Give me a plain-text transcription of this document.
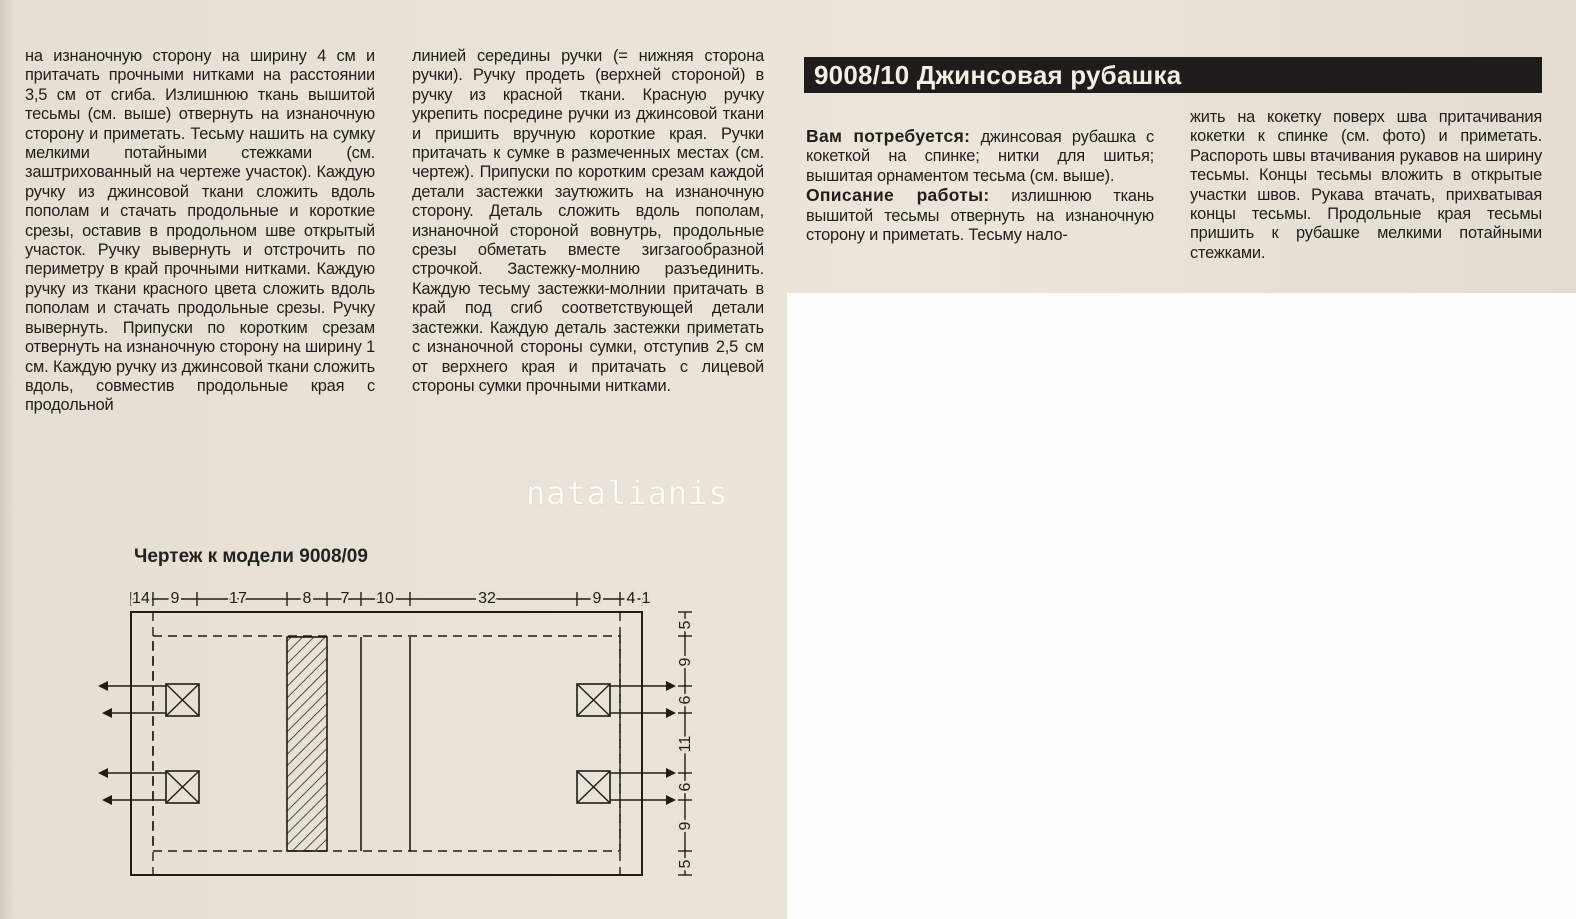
на изнаночную сторону на ширину 4 см и притачать прочными нитками на расстоянии 3,5 см от сгиба. Излишнюю ткань вышитой тесьмы (см. выше) отвернуть на изнаночную сторону и приметать. Тесьму нашить на сумку мелкими потайными стежками (см. заштрихованный на чертеже участок). Каждую ручку из джинсовой ткани сложить вдоль пополам и стачать продольные и короткие срезы, оставив в продольном шве открытый участок. Ручку вывернуть и отстрочить по периметру в край прочными нитками. Каждую ручку из ткани красного цвета сложить вдоль пополам и стачать продольные срезы. Ручку вывернуть. Припуски по коротким срезам отвернуть на изнаночную сторону на ширину 1 см. Каждую ручку из джинсовой ткани сложить вдоль, совместив продольные края с продольной

линией середины ручки (= нижняя сторона ручки). Ручку продеть (верхней стороной) в ручку из красной ткани. Красную ручку укрепить посредине ручки из джинсовой ткани и пришить вручную короткие края. Ручки притачать к сумке в размеченных местах (см. чертеж). Припуски по коротким срезам каждой детали застежки заутюжить на изнаночную сторону. Деталь сложить вдоль пополам, изнаночной стороной вовнутрь, продольные срезы обметать вместе зигзагообразной строчкой. Застежку-молнию разъединить. Каждую тесьму застежки-молнии притачать в край под сгиб соответствующей детали застежки. Каждую деталь застежки приметать с изнаночной стороны сумки, отступив 2,5 см от верхнего края и притачать с лицевой стороны сумки прочными нитками.

9008/10 Джинсовая рубашка

Вам потребуется: джинсовая рубашка с кокеткой на спинке; нитки для шитья; вышитая орнаментом тесьма (см. выше).

Описание работы: излишнюю ткань вышитой тесьмы отвернуть на изнаночную сторону и приметать. Тесьму нало-

жить на кокетку поверх шва притачивания кокетки к спинке (см. фото) и приметать. Распороть швы втачивания рукавов на ширину тесьмы. Концы тесьмы вложить в открытые участки швов. Рукава втачать, прихватывая концы тесьмы. Продольные края тесьмы пришить к рубашке мелкими потайными стежками.

natalianis
Чертеж к модели 9008/09
14 9	17	8 7 10	32	9 4 1
5
9
6
11
6
9
5
